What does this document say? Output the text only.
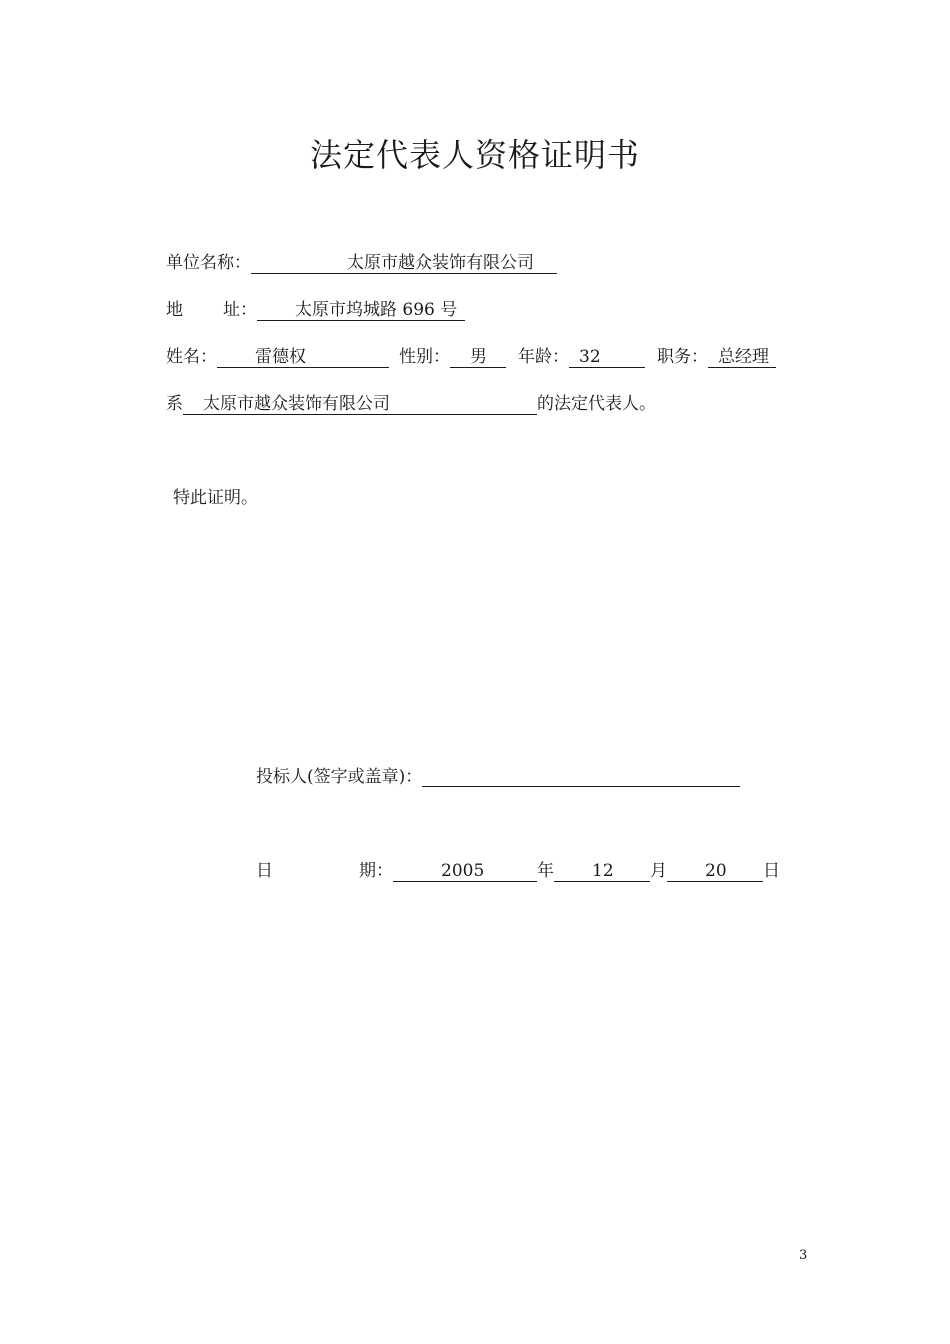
法定代表人资格证明书
单位名称：	太原市越众装饰有限公司
地 址： 太原市坞城路 696 号
姓名： 雷德权	性别： 男 年龄： 32	职务： 总经理
系 太原市越众装饰有限公司	的法定代表人。
特此证明。
投标人(签字或盖章)：
日	期：	2005	年 12 月 20 日
3
